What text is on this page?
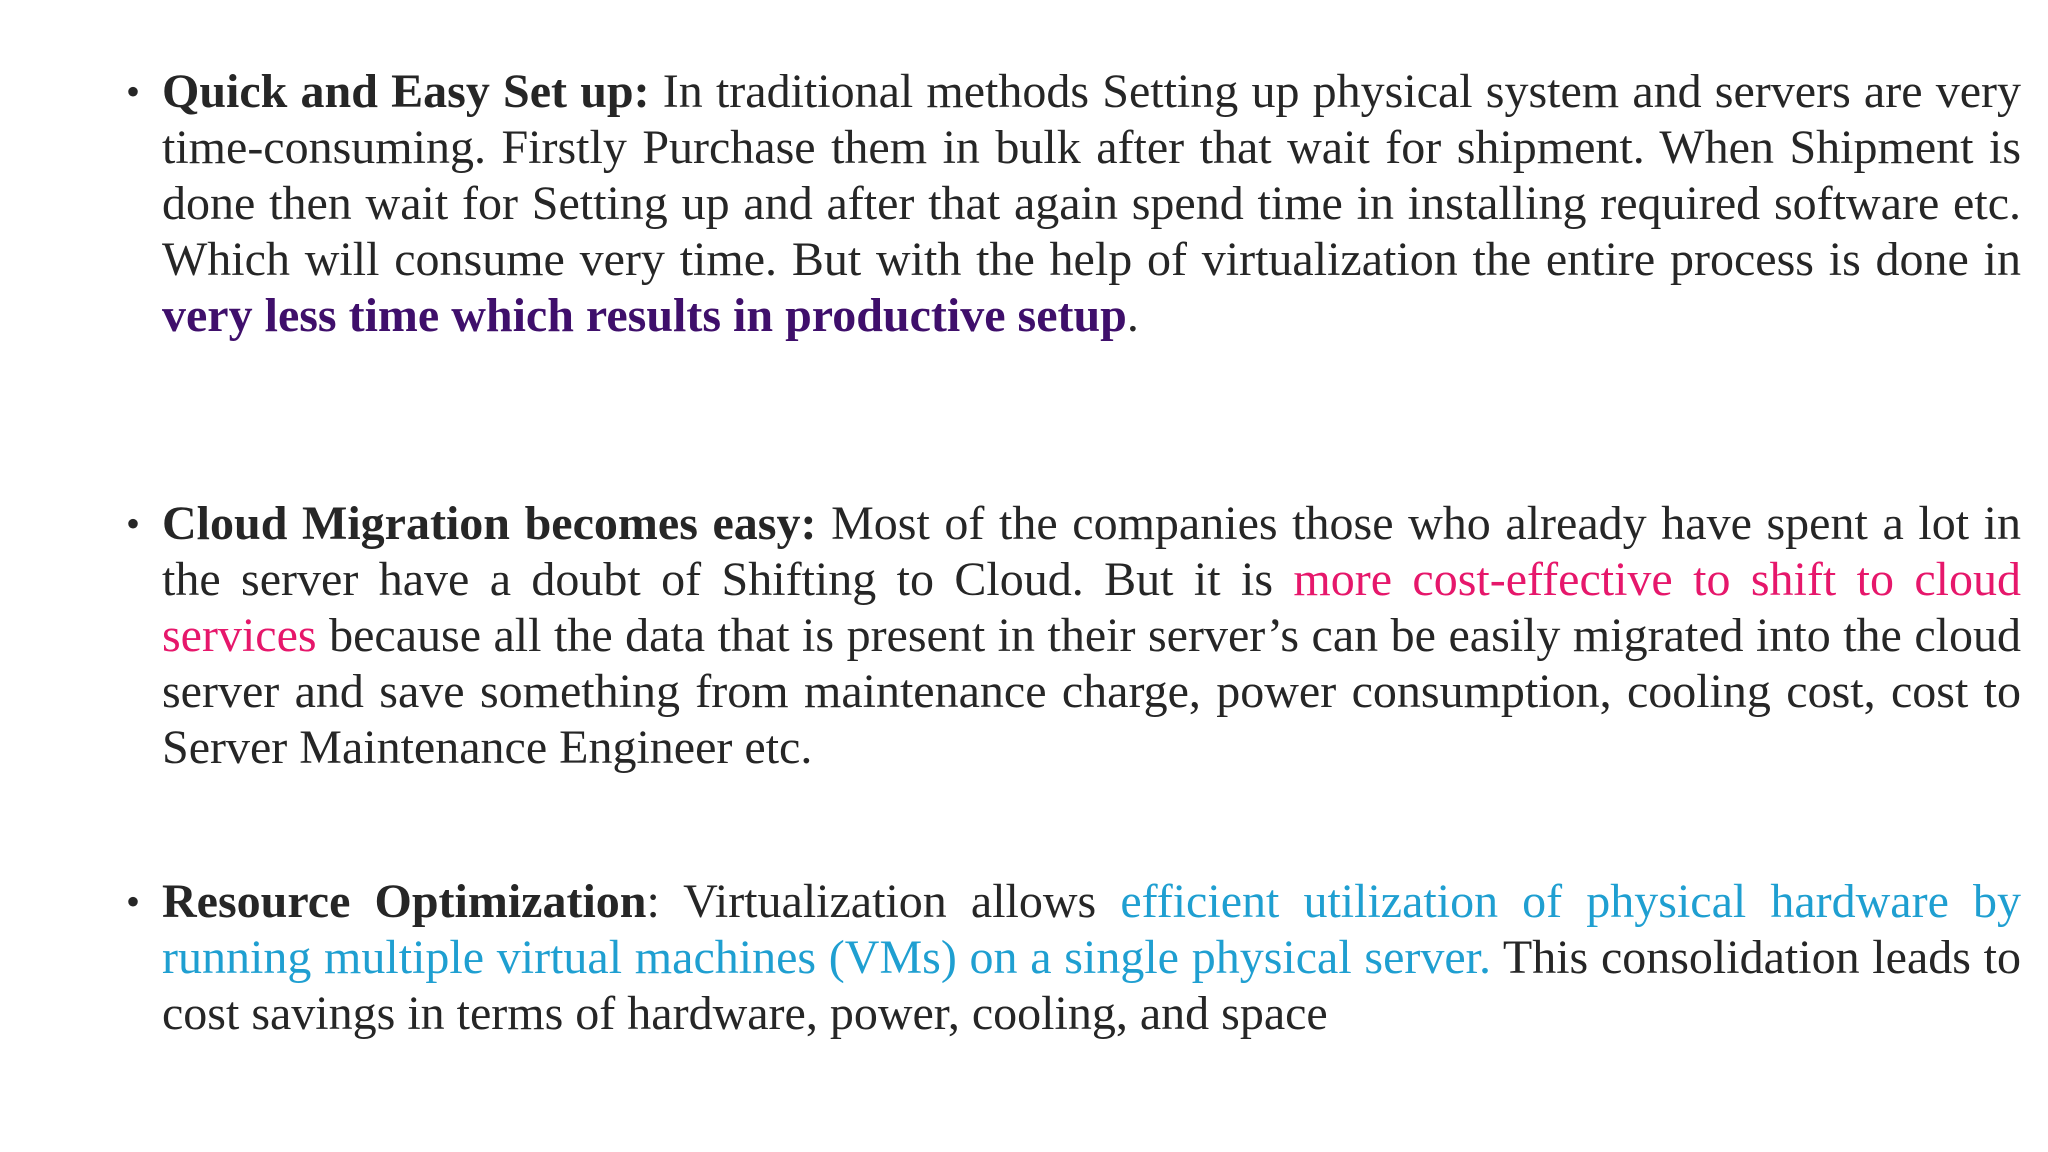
• Quick and Easy Set up: In traditional methods Setting up physical system and servers are very time-consuming. Firstly Purchase them in bulk after that wait for shipment. When Shipment is done then wait for Setting up and after that again spend time in installing required software etc. Which will consume very time. But with the help of virtualization the entire process is done in very less time which results in productive setup.
• Cloud Migration becomes easy: Most of the companies those who already have spent a lot in the server have a doubt of Shifting to Cloud. But it is more cost-effective to shift to cloud services because all the data that is present in their server’s can be easily migrated into the cloud server and save something from maintenance charge, power consumption, cooling cost, cost to Server Maintenance Engineer etc.
• Resource Optimization: Virtualization allows efficient utilization of physical hardware by running multiple virtual machines (VMs) on a single physical server. This consolidation leads to cost savings in terms of hardware, power, cooling, and space
